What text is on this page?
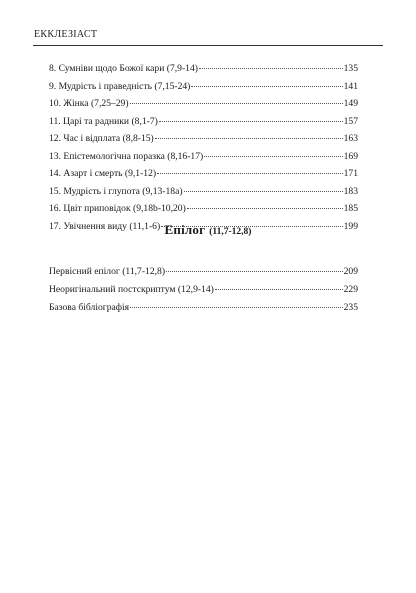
ЕККЛЕЗІАСТ
8. Сумніви щодо Божої кари (7,9-14)	135
9. Мудрість і праведність (7,15-24)	141
10. Жінка (7,25–29)	149
11. Царі та радники (8,1-7)	157
12. Час і відплата (8,8-15)	163
13. Епістемологічна поразка (8,16-17)	169
14. Азарт і смерть (9,1-12)	171
15. Мудрість і глупота (9,13-18а)	183
16. Цвіт приповідок (9,18b-10,20)	185
17. Увічнення виду (11,1-6)	199
Епілог (11,7-12,8)
Первісний епілог (11,7-12,8)	209
Неоригінальний постскриптум (12,9-14)	229
Базова бібліографія	235
